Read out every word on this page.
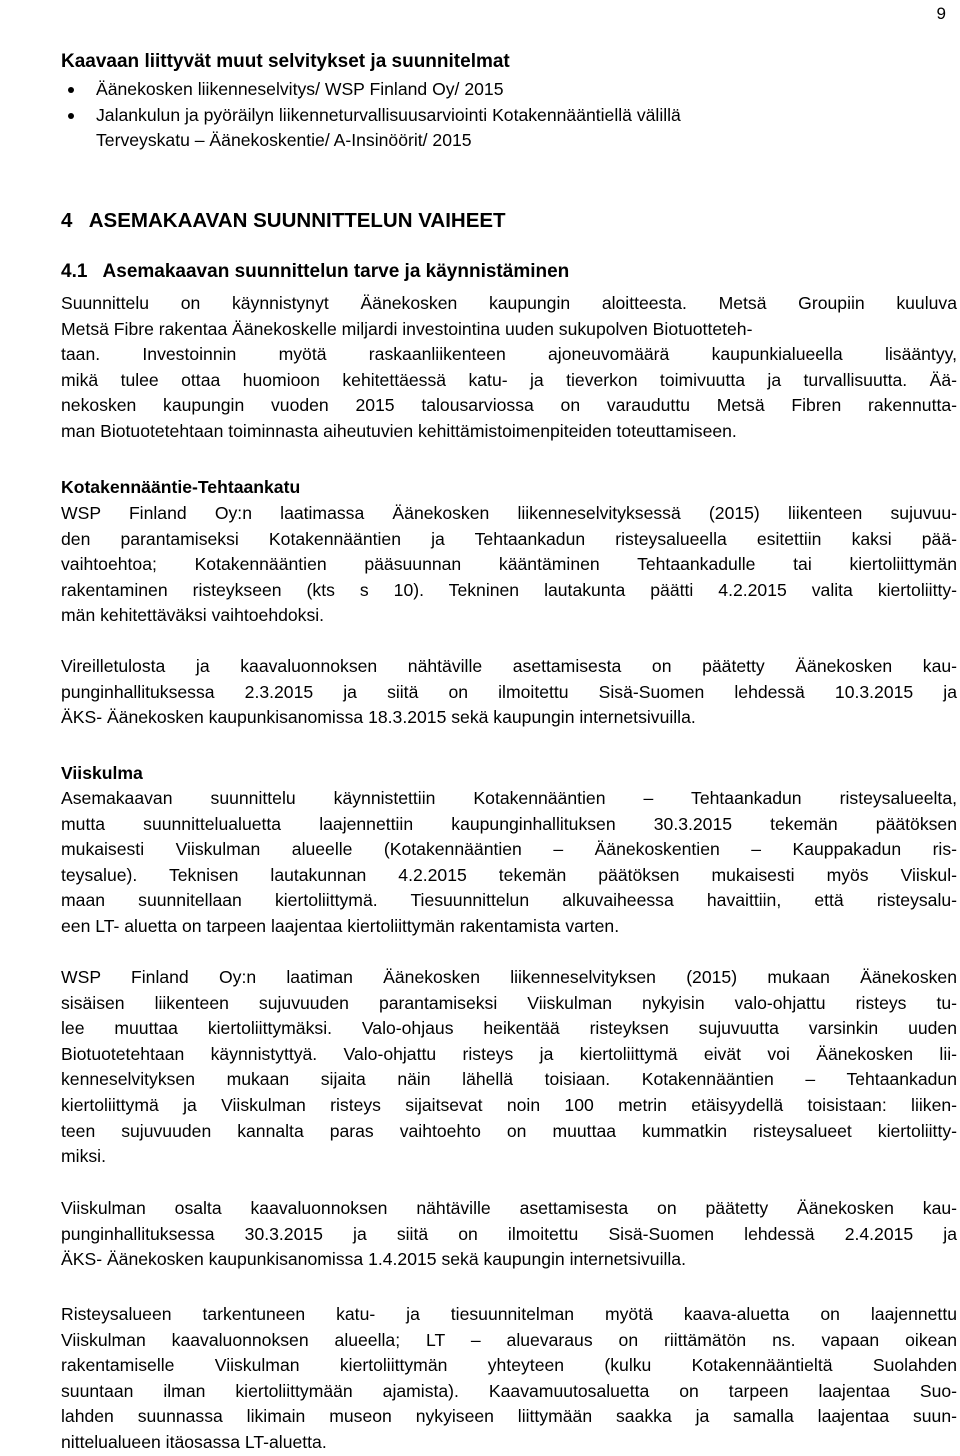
9
Kaavaan liittyvät muut selvitykset ja suunnitelmat
Äänekosken liikenneselvitys/ WSP Finland Oy/ 2015
Jalankulun ja pyöräilyn liikenneturvallisuusarviointi Kotakennääntiellä välillä
Terveyskatu – Äänekoskentie/ A-Insinöörit/ 2015
4   ASEMAKAAVAN SUUNNITTELUN VAIHEET
4.1   Asemakaavan suunnittelun tarve ja käynnistäminen
Suunnittelu on käynnistynyt Äänekosken kaupungin aloitteesta. Metsä Groupiin kuuluva
Metsä Fibre rakentaa Äänekoskelle miljardi investointina uuden sukupolven Biotuotteteh-
taan. Investoinnin myötä raskaanliikenteen ajoneuvomäärä kaupunkialueella lisääntyy,
mikä tulee ottaa huomioon kehitettäessä katu- ja tieverkon toimivuutta ja turvallisuutta. Ää-
nekosken kaupungin vuoden 2015 talousarviossa on varauduttu Metsä Fibren rakennutta-
man Biotuotetehtaan toiminnasta aiheutuvien kehittämistoimenpiteiden toteuttamiseen.
Kotakennääntie-Tehtaankatu
WSP Finland Oy:n laatimassa Äänekosken liikenneselvityksessä (2015) liikenteen sujuvuu-
den parantamiseksi Kotakennääntien ja Tehtaankadun risteysalueella esitettiin kaksi pää-
vaihtoehtoa; Kotakennääntien pääsuunnan kääntäminen Tehtaankadulle tai kiertoliittymän
rakentaminen risteykseen (kts s 10). Tekninen lautakunta päätti 4.2.2015 valita kiertoliitty-
män kehitettäväksi vaihtoehdoksi.
Vireilletulosta ja kaavaluonnoksen nähtäville asettamisesta on päätetty Äänekosken kau-
punginhallituksessa 2.3.2015 ja siitä on ilmoitettu Sisä-Suomen lehdessä 10.3.2015 ja
ÄKS- Äänekosken kaupunkisanomissa 18.3.2015 sekä kaupungin internetsivuilla.
Viiskulma
Asemakaavan suunnittelu käynnistettiin Kotakennääntien – Tehtaankadun risteysalueelta,
mutta suunnittelualuetta laajennettiin kaupunginhallituksen 30.3.2015 tekemän päätöksen
mukaisesti Viiskulman alueelle (Kotakennääntien – Äänekoskentien – Kauppakadun ris-
teysalue). Teknisen lautakunnan 4.2.2015 tekemän päätöksen mukaisesti myös Viiskul-
maan suunnitellaan kiertoliittymä. Tiesuunnittelun alkuvaiheessa havaittiin, että risteysalu-
een LT- aluetta on tarpeen laajentaa kiertoliittymän rakentamista varten.
WSP Finland Oy:n laatiman Äänekosken liikenneselvityksen (2015) mukaan Äänekosken
sisäisen liikenteen sujuvuuden parantamiseksi Viiskulman nykyisin valo-ohjattu risteys tu-
lee muuttaa kiertoliittymäksi. Valo-ohjaus heikentää risteyksen sujuvuutta varsinkin uuden
Biotuotetehtaan käynnistyttyä. Valo-ohjattu risteys ja kiertoliittymä eivät voi Äänekosken lii-
kenneselvityksen mukaan sijaita näin lähellä toisiaan. Kotakennääntien – Tehtaankadun
kiertoliittymä ja Viiskulman risteys sijaitsevat noin 100 metrin etäisyydellä toisistaan: liiken-
teen sujuvuuden kannalta paras vaihtoehto on muuttaa kummatkin risteysalueet kiertoliitty-
miksi.
Viiskulman osalta kaavaluonnoksen nähtäville asettamisesta on päätetty Äänekosken kau-
punginhallituksessa 30.3.2015 ja siitä on ilmoitettu Sisä-Suomen lehdessä 2.4.2015 ja
ÄKS- Äänekosken kaupunkisanomissa 1.4.2015 sekä kaupungin internetsivuilla.
Risteysalueen tarkentuneen katu- ja tiesuunnitelman myötä kaava-aluetta on laajennettu
Viiskulman kaavaluonnoksen alueella; LT – aluevaraus on riittämätön ns. vapaan oikean
rakentamiselle Viiskulman kiertoliittymän yhteyteen (kulku Kotakennääntieltä Suolahden
suuntaan ilman kiertoliittymään ajamista). Kaavamuutosaluetta on tarpeen laajentaa Suo-
lahden suunnassa likimain museon nykyiseen liittymään saakka ja samalla laajentaa suun-
nittelualueen itäosassa LT-aluetta.
